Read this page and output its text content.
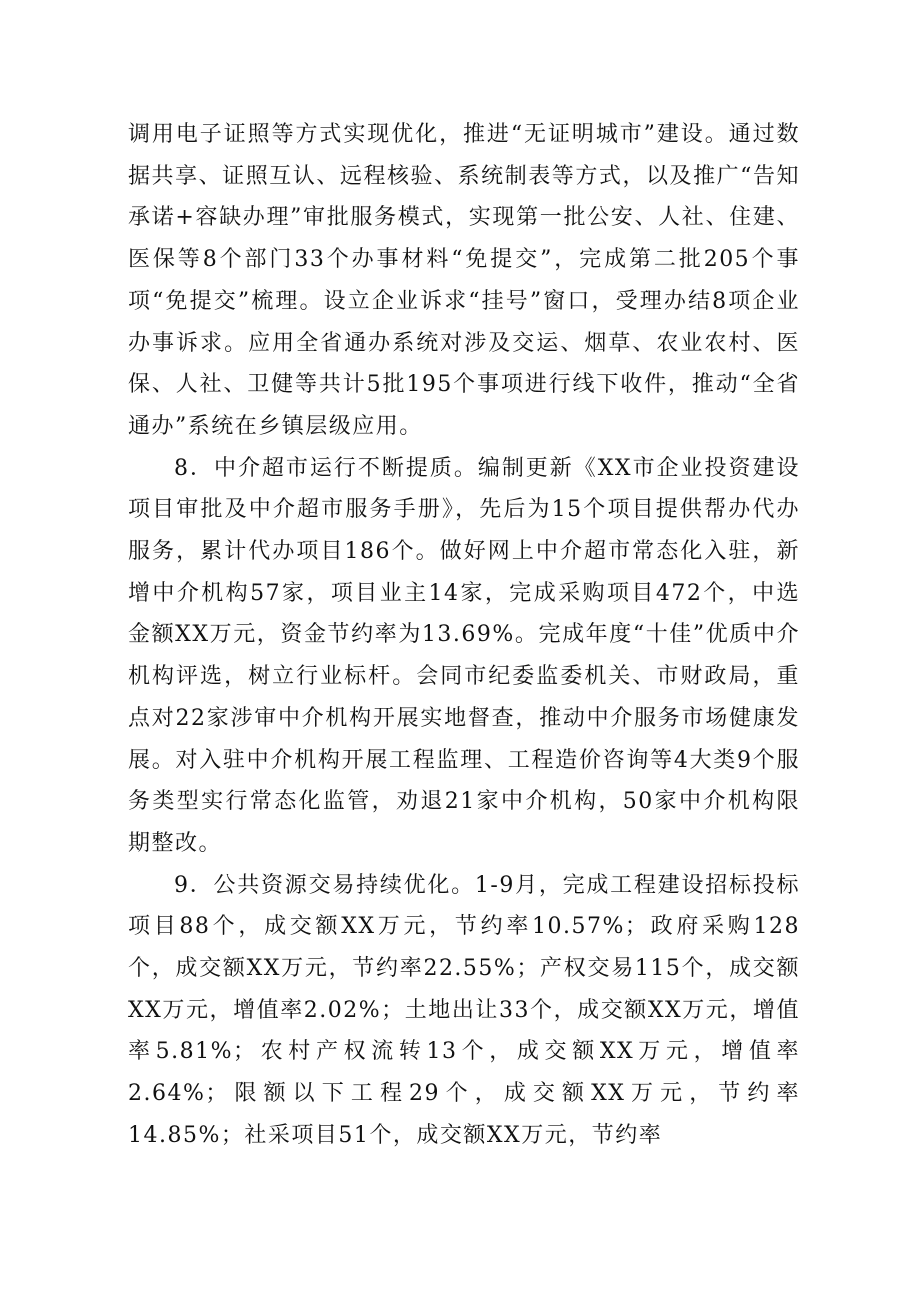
调用电子证照等方式实现优化，推进“无证明城市”建设。通过数据共享、证照互认、远程核验、系统制表等方式，以及推广“告知承诺+容缺办理”审批服务模式，实现第一批公安、人社、住建、医保等8个部门33个办事材料“免提交”，完成第二批205个事项“免提交”梳理。设立企业诉求“挂号”窗口，受理办结8项企业办事诉求。应用全省通办系统对涉及交运、烟草、农业农村、医保、人社、卫健等共计5批195个事项进行线下收件，推动“全省通办”系统在乡镇层级应用。

8．中介超市运行不断提质。编制更新《XX市企业投资建设项目审批及中介超市服务手册》，先后为15个项目提供帮办代办服务，累计代办项目186个。做好网上中介超市常态化入驻，新增中介机构57家，项目业主14家，完成采购项目472个，中选金额XX万元，资金节约率为13.69%。完成年度“十佳”优质中介机构评选，树立行业标杆。会同市纪委监委机关、市财政局，重点对22家涉审中介机构开展实地督查，推动中介服务市场健康发展。对入驻中介机构开展工程监理、工程造价咨询等4大类9个服务类型实行常态化监管，劝退21家中介机构，50家中介机构限期整改。

9．公共资源交易持续优化。1-9月，完成工程建设招标投标项目88个，成交额XX万元，节约率10.57%；政府采购128个，成交额XX万元，节约率22.55%；产权交易115个，成交额XX万元，增值率2.02%；土地出让33个，成交额XX万元，增值率5.81%；农村产权流转13个，成交额XX万元，增值率2.64%；限额以下工程29个，成交额XX万元，节约率14.85%；社采项目51个，成交额XX万元，节约率
